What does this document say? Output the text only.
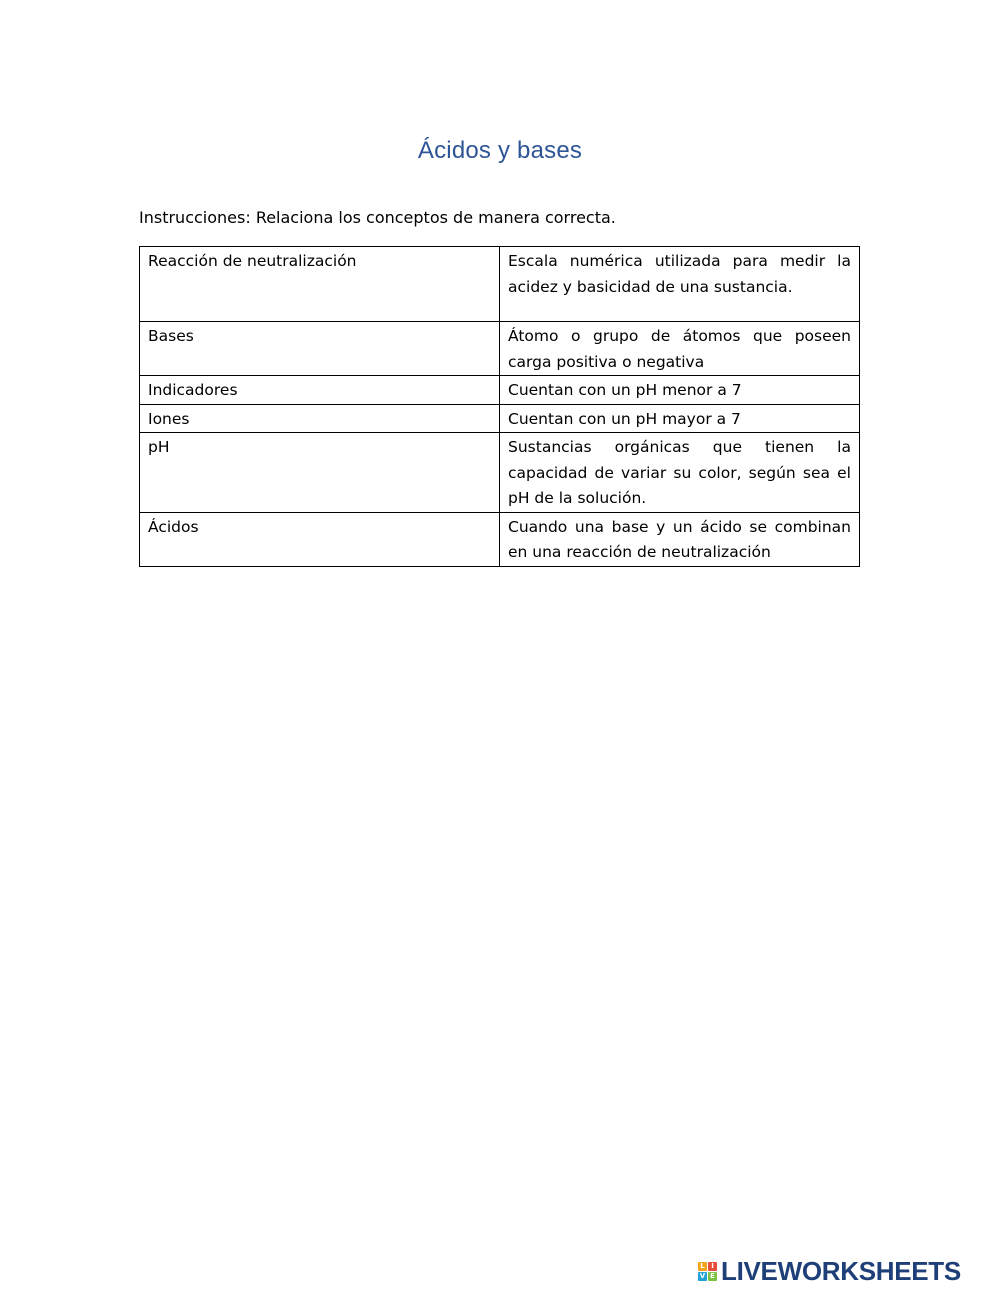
Ácidos y bases
Instrucciones: Relaciona los conceptos de manera correcta.
Reacción de neutralización	Escala numérica utilizada para medir la acidez y basicidad de una sustancia.
Bases	Átomo o grupo de átomos que poseen carga positiva o negativa
Indicadores	Cuentan con un pH menor a 7
Iones	Cuentan con un pH mayor a 7
pH	Sustancias orgánicas que tienen la capacidad de variar su color, según sea el pH de la solución.
Ácidos	Cuando una base y un ácido se combinan en una reacción de neutralización
L I
V E LIVEWORKSHEETS
